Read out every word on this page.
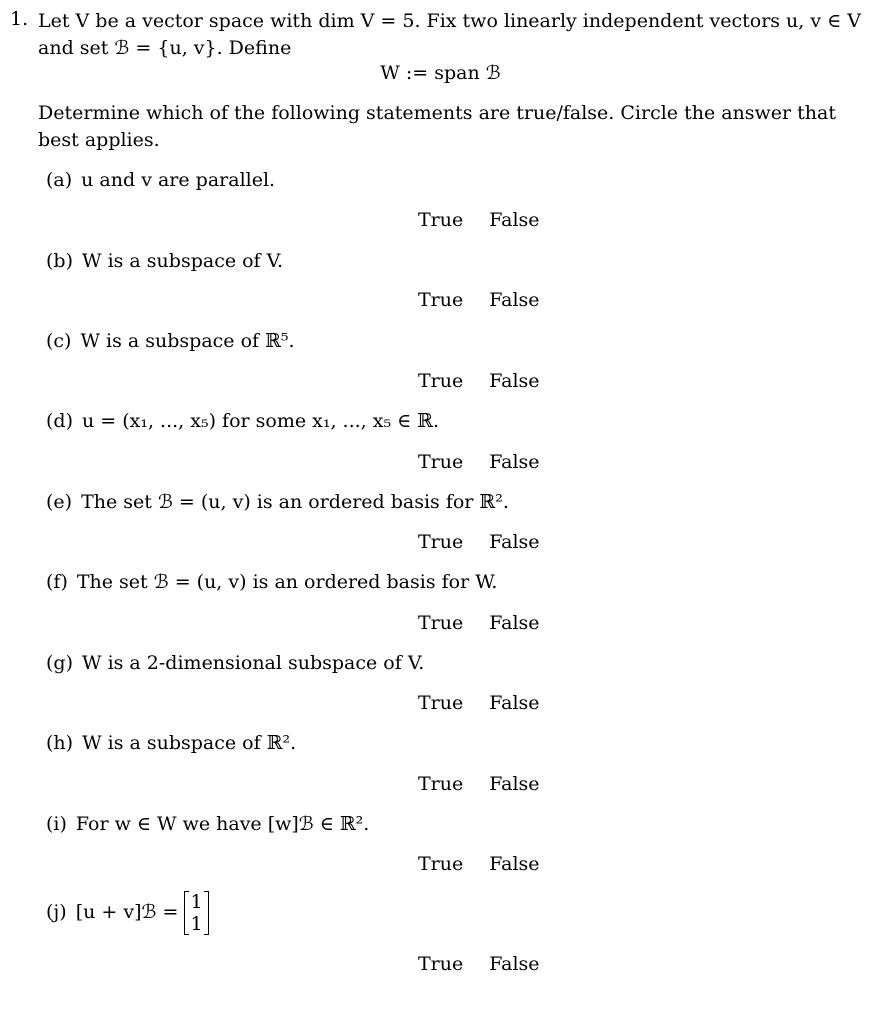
1. Let V be a vector space with dim V = 5. Fix two linearly independent vectors u, v ∈ V
and set ℬ = {u, v}. Define
W := span ℬ
Determine which of the following statements are true/false. Circle the answer that best applies.
(a) u and v are parallel.
True False
(b) W is a subspace of V.
True False
(c) W is a subspace of ℝ⁵.
True False
(d) u = (x₁, ..., x₅) for some x₁, ..., x₅ ∈ ℝ.
True False
(e) The set ℬ = (u, v) is an ordered basis for ℝ².
True False
(f) The set ℬ = (u, v) is an ordered basis for W.
True False
(g) W is a 2-dimensional subspace of V.
True False
(h) W is a subspace of ℝ².
True False
(i) For w ∈ W we have [w]ℬ ∈ ℝ².
True False
(j) [u + v]ℬ = 1
1
True False
